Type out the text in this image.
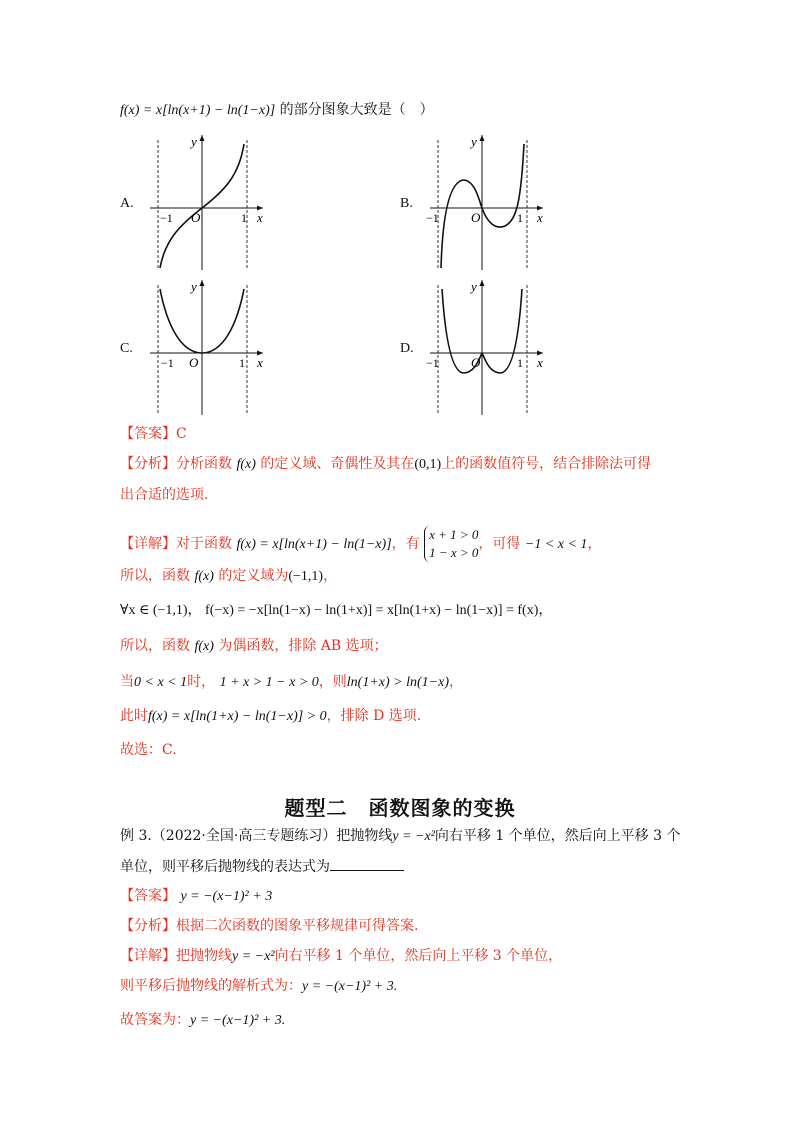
f(x) = x[ln(x+1) − ln(1−x)] 的部分图象大致是（　）
A.	B.
C.	D.
y
x
O
−1	1
y
x
O
−1	1
y
x
O
−1	1
y
x
O
−1	1
【答案】C
【分析】分析函数 f(x) 的定义域、奇偶性及其在(0,1)上的函数值符号，结合排除法可得
出合适的选项.
【详解】对于函数 f(x) = x[ln(x+1) − ln(1−x)]，有
x + 1 > 0
1 − x > 0
，可得 −1 < x < 1，
所以，函数 f(x) 的定义域为(−1,1)，
∀x ∈ (−1,1)， f(−x) = −x[ln(1−x) − ln(1+x)] = x[ln(1+x) − ln(1−x)] = f(x)，
所以，函数 f(x) 为偶函数，排除 AB 选项；
当0 < x < 1时， 1 + x > 1 − x > 0，则ln(1+x) > ln(1−x)，
此时f(x) = x[ln(1+x) − ln(1−x)] > 0，排除 D 选项.
故选：C.
题型二　函数图象的变换
例 3.（2022·全国·高三专题练习）把抛物线y = −x²向右平移 1 个单位，然后向上平移 3 个
单位，则平移后抛物线的表达式为
【答案】 y = −(x−1)² + 3
【分析】根据二次函数的图象平移规律可得答案.
【详解】把抛物线y = −x²向右平移 1 个单位，然后向上平移 3 个单位，
则平移后抛物线的解析式为：y = −(x−1)² + 3.
故答案为：y = −(x−1)² + 3.
